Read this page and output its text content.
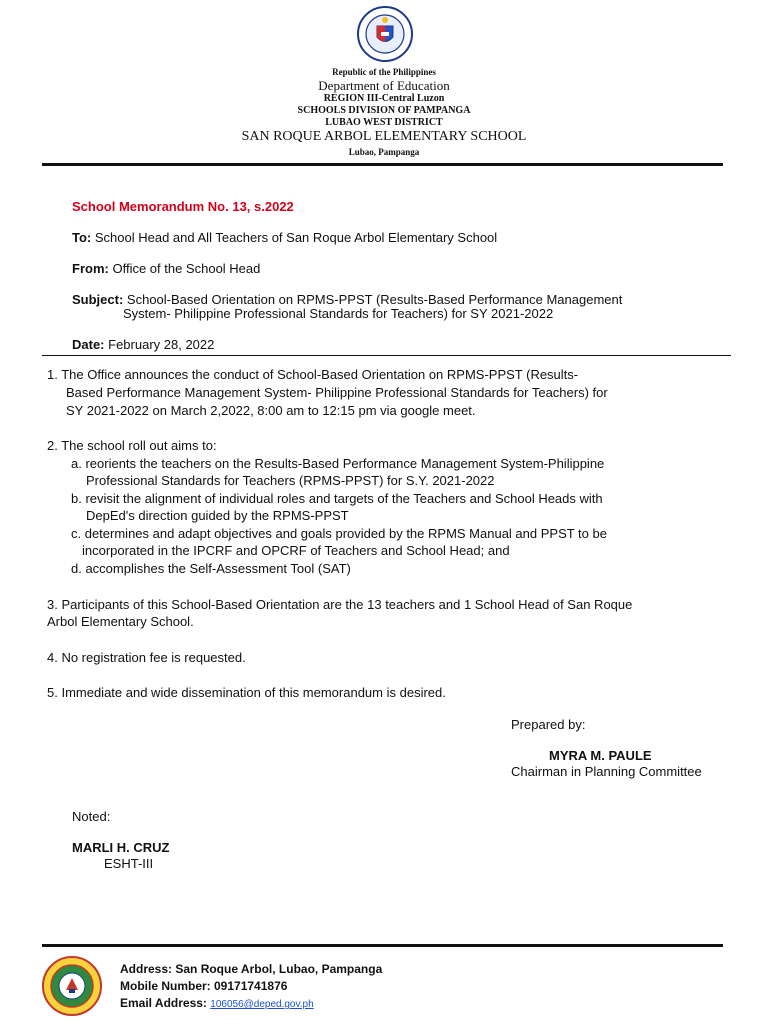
Republic of the Philippines
Department of Education
REGION III-Central Luzon
SCHOOLS DIVISION OF PAMPANGA
LUBAO WEST DISTRICT
SAN ROQUE ARBOL ELEMENTARY SCHOOL
Lubao, Pampanga
School Memorandum No. 13, s.2022
To: School Head and All Teachers of San Roque Arbol Elementary School
From: Office of the School Head
Subject: School-Based Orientation on RPMS-PPST (Results-Based Performance Management
System- Philippine Professional Standards for Teachers) for SY 2021-2022
Date: February 28, 2022
1. The Office announces the conduct of School-Based Orientation on RPMS-PPST (Results-
Based Performance Management System- Philippine Professional Standards for Teachers) for
SY 2021-2022 on March 2,2022, 8:00 am to 12:15 pm via google meet.
2. The school roll out aims to:
a. reorients the teachers on the Results-Based Performance Management System-Philippine
Professional Standards for Teachers (RPMS-PPST) for S.Y. 2021-2022
b. revisit the alignment of individual roles and targets of the Teachers and School Heads with
DepEd's direction guided by the RPMS-PPST
c. determines and adapt objectives and goals provided by the RPMS Manual and PPST to be
incorporated in the IPCRF and OPCRF of Teachers and School Head; and
d. accomplishes the Self-Assessment Tool (SAT)
3. Participants of this School-Based Orientation are the 13 teachers and 1 School Head of San Roque
Arbol Elementary School.
4. No registration fee is requested.
5. Immediate and wide dissemination of this memorandum is desired.
Prepared by:
MYRA M. PAULE
Chairman in Planning Committee
Noted:
MARLI H. CRUZ
ESHT-III
Address: San Roque Arbol, Lubao, Pampanga
Mobile Number: 09171741876
Email Address: 106056@deped.gov.ph
